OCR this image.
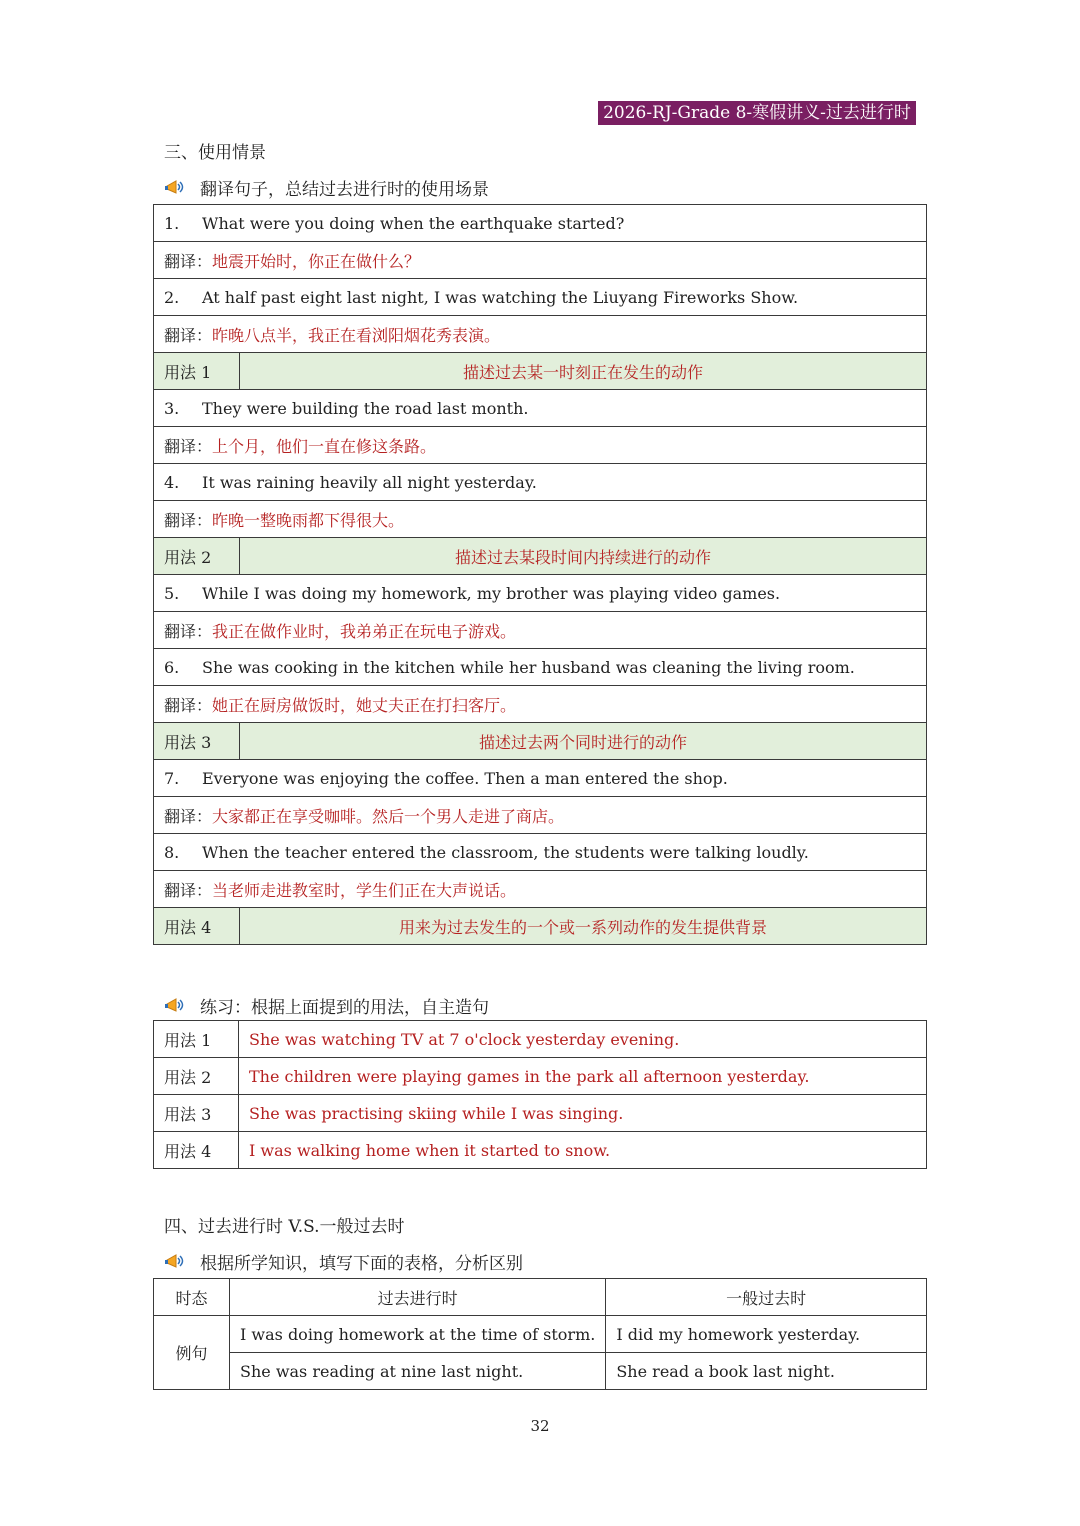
2026-RJ-Grade 8-寒假讲义-过去进行时
三、使用情景
翻译句子，总结过去进行时的使用场景
1. What were you doing when the earthquake started?	
翻译：地震开始时，你正在做什么？	
2. At half past eight last night, I was watching the Liuyang Fireworks Show.	
翻译：昨晚八点半，我正在看浏阳烟花秀表演。	
用法 1	描述过去某一时刻正在发生的动作
3. They were building the road last month.	
翻译：上个月，他们一直在修这条路。	
4. It was raining heavily all night yesterday.	
翻译：昨晚一整晚雨都下得很大。	
用法 2	描述过去某段时间内持续进行的动作
5. While I was doing my homework, my brother was playing video games.	
翻译：我正在做作业时，我弟弟正在玩电子游戏。	
6. She was cooking in the kitchen while her husband was cleaning the living room.	
翻译：她正在厨房做饭时，她丈夫正在打扫客厅。	
用法 3	描述过去两个同时进行的动作
7. Everyone was enjoying the coffee. Then a man entered the shop.	
翻译：大家都正在享受咖啡。然后一个男人走进了商店。	
8. When the teacher entered the classroom, the students were talking loudly.	
翻译：当老师走进教室时，学生们正在大声说话。	
用法 4	用来为过去发生的一个或一系列动作的发生提供背景
练习：根据上面提到的用法，自主造句
用法 1	She was watching TV at 7 o'clock yesterday evening.
用法 2	The children were playing games in the park all afternoon yesterday.
用法 3	She was practising skiing while I was singing.
用法 4	I was walking home when it started to snow.
四、过去进行时 V.S.一般过去时
根据所学知识，填写下面的表格，分析区别
时态	过去进行时	一般过去时
例句	I was doing homework at the time of storm.	I did my homework yesterday.
	She was reading at nine last night.	She read a book last night.
32
